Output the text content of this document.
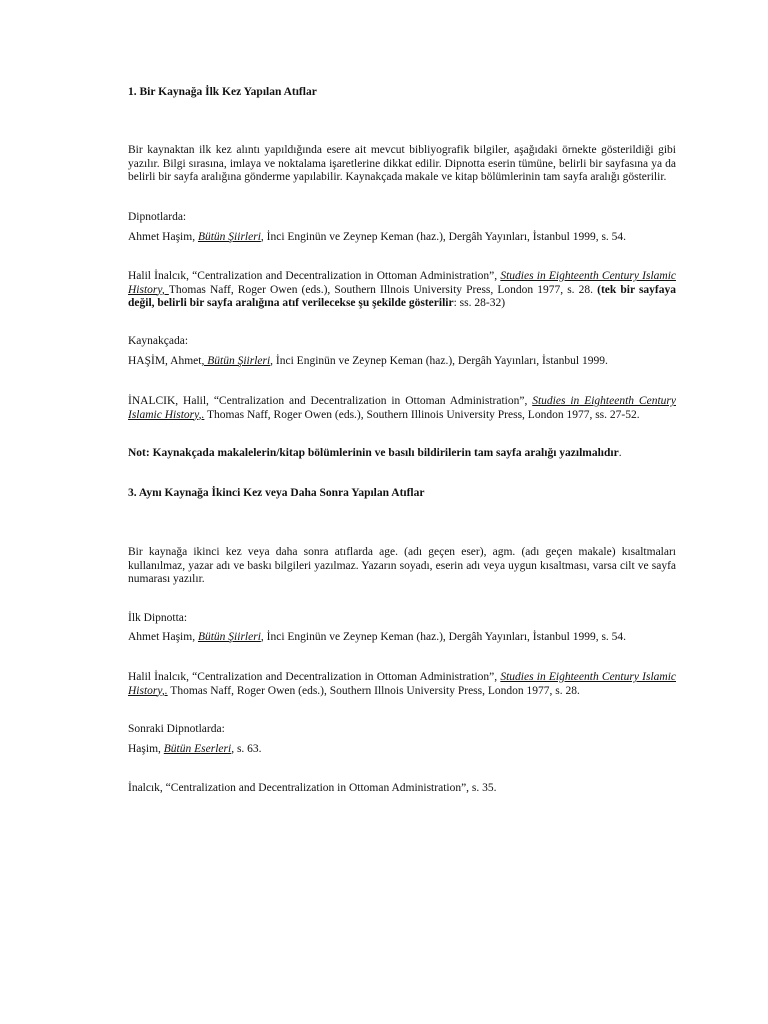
1. Bir Kaynağa İlk Kez Yapılan Atıflar

Bir kaynaktan ilk kez alıntı yapıldığında esere ait mevcut bibliyografik bilgiler, aşağıdaki örnekte gösterildiği gibi yazılır. Bilgi sırasına, imlaya ve noktalama işaretlerine dikkat edilir. Dipnotta eserin tümüne, belirli bir sayfasına ya da belirli bir sayfa aralığına gönderme yapılabilir. Kaynakçada makale ve kitap bölümlerinin tam sayfa aralığı gösterilir.

Dipnotlarda:

Ahmet Haşim, Bütün Şiirleri, İnci Enginün ve Zeynep Keman (haz.), Dergâh Yayınları, İstanbul 1999, s. 54.

Halil İnalcık, “Centralization and Decentralization in Ottoman Administration”, Studies in Eighteenth Century Islamic History, Thomas Naff, Roger Owen (eds.), Southern Illnois University Press, London 1977, s. 28. (tek bir sayfaya değil, belirli bir sayfa aralığına atıf verilecekse şu şekilde gösterilir: ss. 28-32)

Kaynakçada:

HAŞİM, Ahmet, Bütün Şiirleri, İnci Enginün ve Zeynep Keman (haz.), Dergâh Yayınları, İstanbul 1999.

İNALCIK, Halil, “Centralization and Decentralization in Ottoman Administration”, Studies in Eighteenth Century Islamic History,. Thomas Naff, Roger Owen (eds.), Southern Illinois University Press, London 1977, ss. 27-52.

Not: Kaynakçada makalelerin/kitap bölümlerinin ve basılı bildirilerin tam sayfa aralığı yazılmalıdır.

3. Aynı Kaynağa İkinci Kez veya Daha Sonra Yapılan Atıflar

Bir kaynağa ikinci kez veya daha sonra atıflarda age. (adı geçen eser), agm. (adı geçen makale) kısaltmaları kullanılmaz, yazar adı ve baskı bilgileri yazılmaz. Yazarın soyadı, eserin adı veya uygun kısaltması, varsa cilt ve sayfa numarası yazılır.

İlk Dipnotta:

Ahmet Haşim, Bütün Şiirleri, İnci Enginün ve Zeynep Keman (haz.), Dergâh Yayınları, İstanbul 1999, s. 54.

Halil İnalcık, “Centralization and Decentralization in Ottoman Administration”, Studies in Eighteenth Century Islamic History,. Thomas Naff, Roger Owen (eds.), Southern Illnois University Press, London 1977, s. 28.

Sonraki Dipnotlarda:

Haşim, Bütün Eserleri, s. 63.

İnalcık, “Centralization and Decentralization in Ottoman Administration”, s. 35.
